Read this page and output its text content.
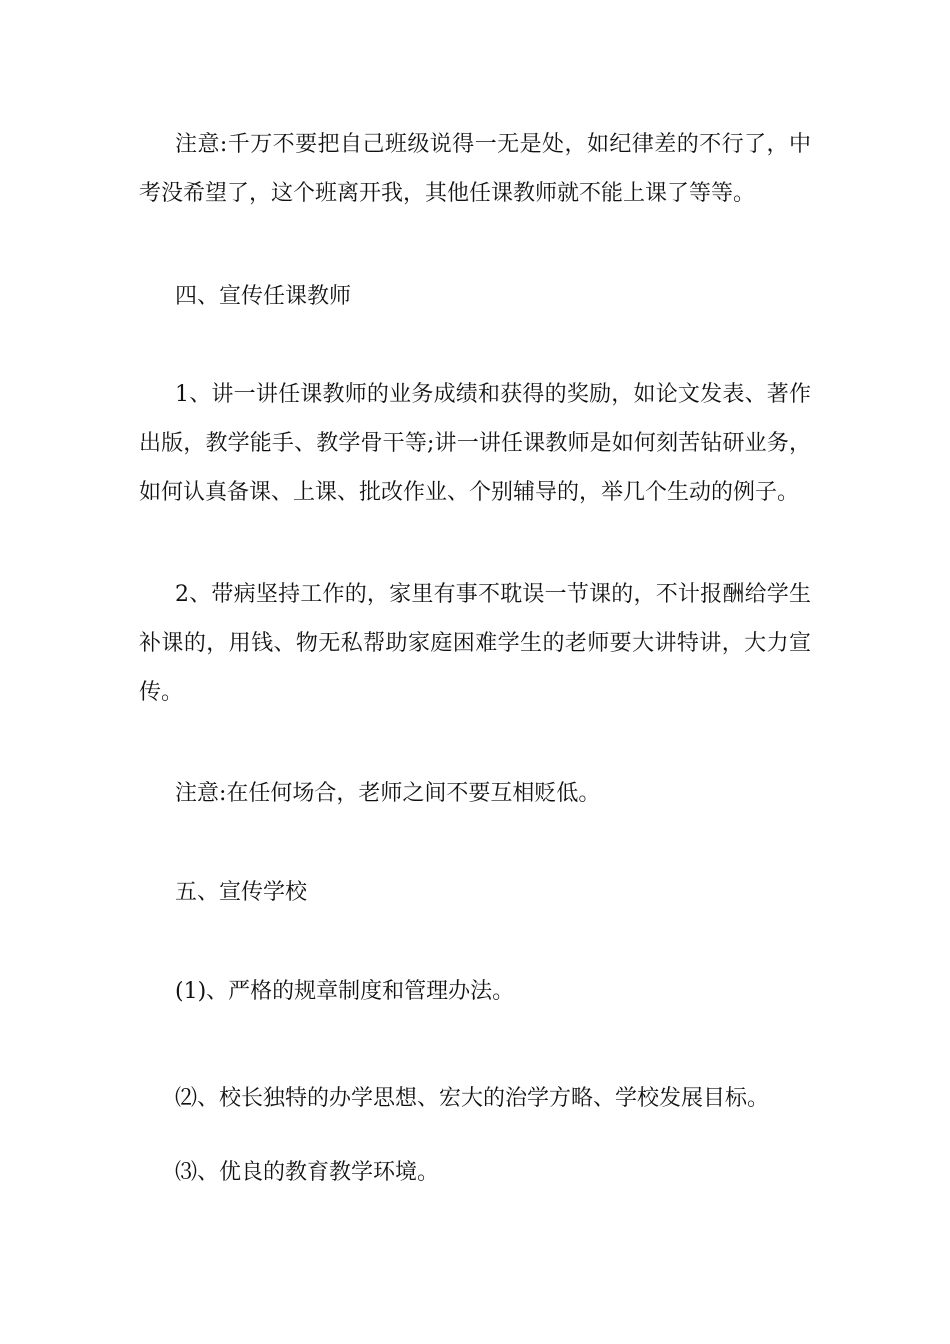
注意:千万不要把自己班级说得一无是处，如纪律差的不行了，中考没希望了，这个班离开我，其他任课教师就不能上课了等等。

四、宣传任课教师

1、讲一讲任课教师的业务成绩和获得的奖励，如论文发表、著作出版，教学能手、教学骨干等;讲一讲任课教师是如何刻苦钻研业务，如何认真备课、上课、批改作业、个别辅导的，举几个生动的例子。

2、带病坚持工作的，家里有事不耽误一节课的，不计报酬给学生补课的，用钱、物无私帮助家庭困难学生的老师要大讲特讲，大力宣传。

注意:在任何场合，老师之间不要互相贬低。

五、宣传学校

(1)、严格的规章制度和管理办法。

⑵、校长独特的办学思想、宏大的治学方略、学校发展目标。

⑶、优良的教育教学环境。
